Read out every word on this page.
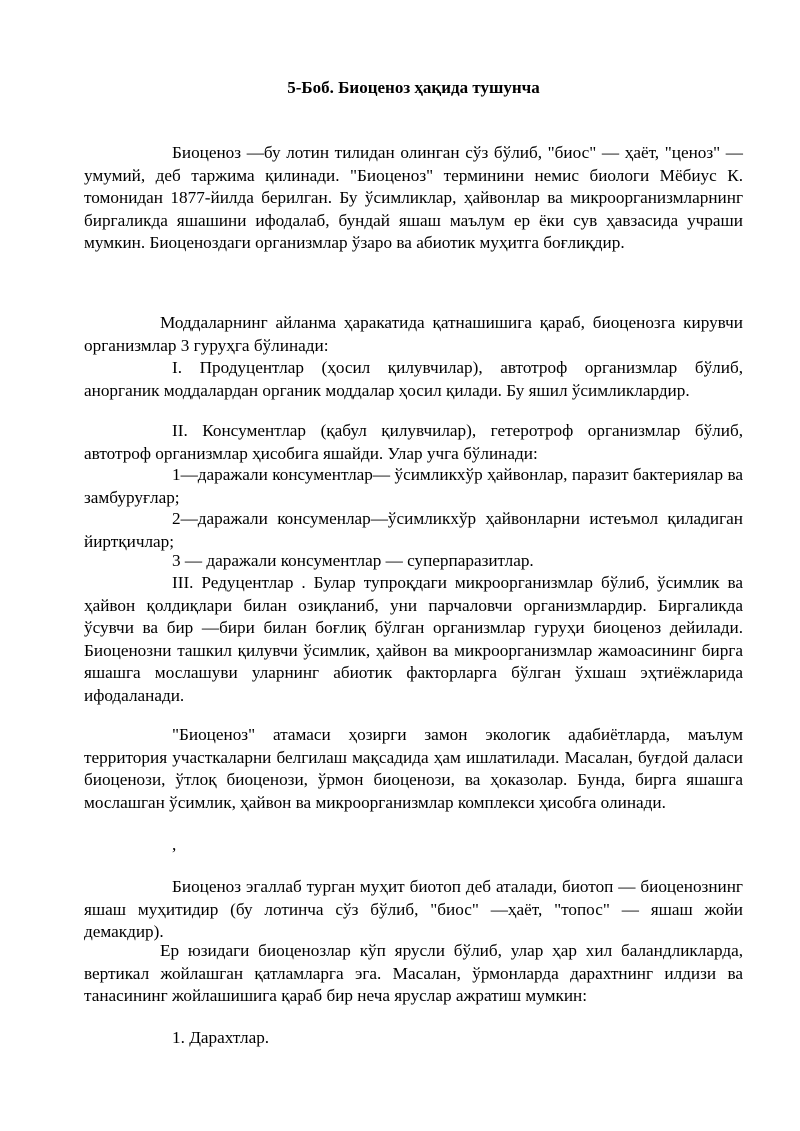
5-Боб. Биоценоз ҳақида тушунча

Биоценоз —бу лотин тилидан олинган сўз бўлиб, "биос" — ҳаёт, "ценоз" —умумий, деб таржима қилинади. "Биоценоз" терминини немис биологи Мёбиус К. томонидан 1877-йилда берилган. Бу ўсимликлар, ҳайвонлар ва микроорганизмларнинг биргаликда яшашини ифодалаб, бундай яшаш маълум ер ёки сув ҳавзасида учраши мумкин. Биоценоздаги организмлар ўзаро ва абиотик муҳитга боғлиқдир.

Моддаларнинг айланма ҳаракатида қатнашишига қараб, биоценозга кирувчи организмлар 3 гуруҳга бўлинади:

I. Продуцентлар (ҳосил қилувчилар), автотроф организмлар бўлиб, анорганик моддалардан органик моддалар ҳосил қилади. Бу яшил ўсимликлардир.

II. Консументлар (қабул қилувчилар), гетеротроф организмлар бўлиб, автотроф организмлар ҳисобига яшайди. Улар учга бўлинади:

1—даражали консументлар— ўсимликхўр ҳайвонлар, паразит бактериялар ва замбуруғлар;

2—даражали консуменлар—ўсимликхўр ҳайвонларни истеъмол қиладиган йиртқичлар;

3 — даражали консументлар — суперпаразитлар.

III. Редуцентлар . Булар тупроқдаги микроорганизмлар бўлиб, ўсимлик ва ҳайвон қолдиқлари билан озиқланиб, уни парчаловчи организмлардир. Биргаликда ўсувчи ва бир —бири билан боғлиқ бўлган организмлар гуруҳи биоценоз дейилади. Биоценозни ташкил қилувчи ўсимлик, ҳайвон ва микроорганизмлар жамоасининг бирга яшашга мослашуви уларнинг абиотик факторларга бўлган ўхшаш эҳтиёжларида ифодаланади.

"Биоценоз" атамаси ҳозирги замон экологик адабиётларда, маълум территория участкаларни белгилаш мақсадида ҳам ишлатилади. Масалан, буғдой даласи биоценози, ўтлоқ биоценози, ўрмон биоценози, ва ҳоказолар. Бунда, бирга яшашга мослашган ўсимлик, ҳайвон ва микроорганизмлар комплекси ҳисобга олинади.

,

Биоценоз эгаллаб турган муҳит биотоп деб аталади, биотоп — биоценознинг яшаш муҳитидир (бу лотинча сўз бўлиб, "биос" —ҳаёт, "топос" — яшаш жойи демакдир).

Ер юзидаги биоценозлар кўп ярусли бўлиб, улар ҳар хил баландликларда, вертикал жойлашган қатламларга эга. Масалан, ўрмонларда дарахтнинг илдизи ва танасининг жойлашишига қараб бир неча яруслар ажратиш мумкин:

1. Дарахтлар.
